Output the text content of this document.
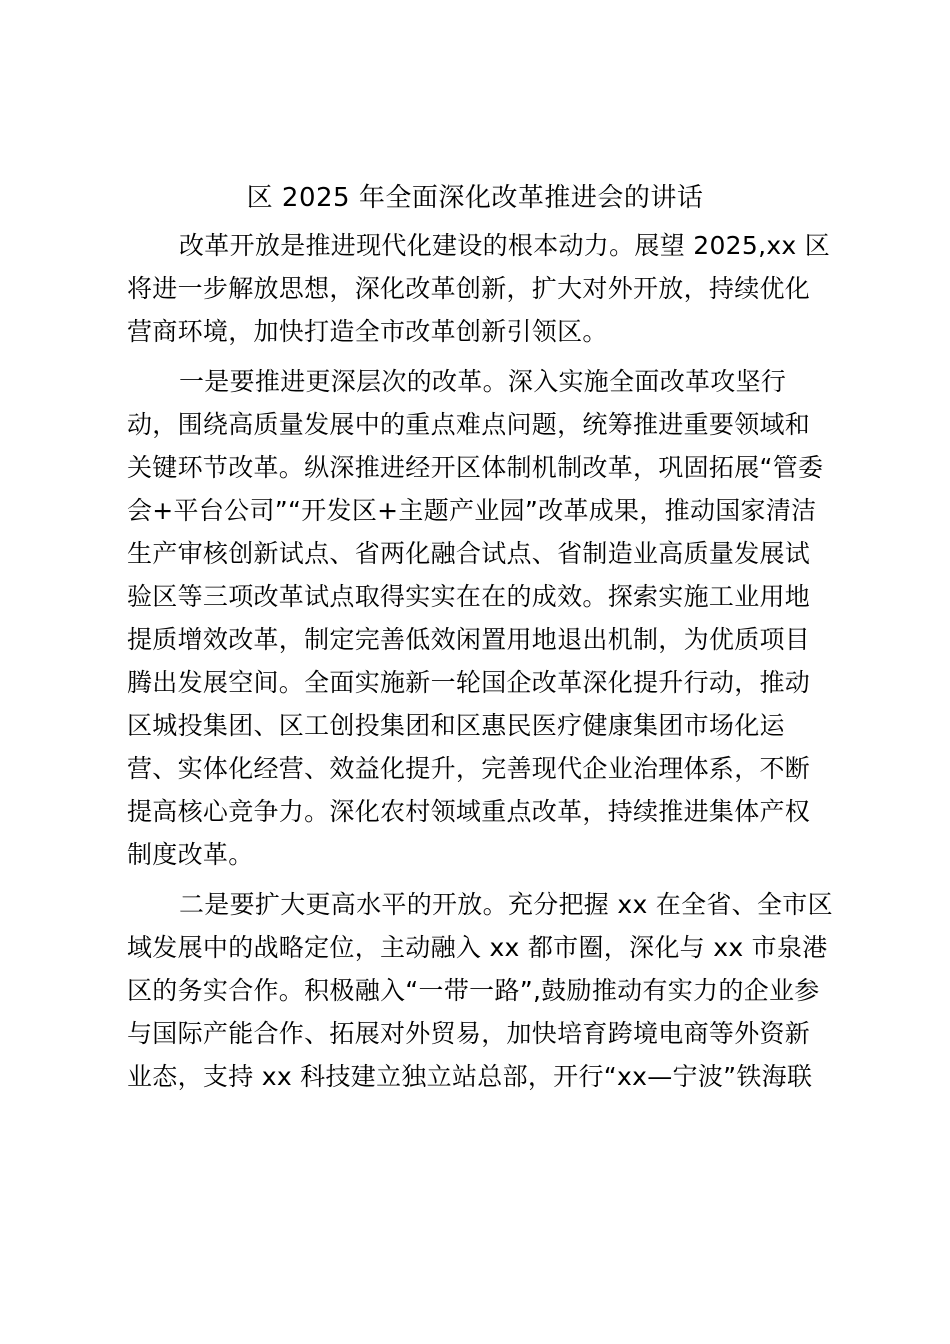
区 2025 年全面深化改革推进会的讲话
改革开放是推进现代化建设的根本动力。展望 2025,xx 区
将进一步解放思想，深化改革创新，扩大对外开放，持续优化
营商环境，加快打造全市改革创新引领区。
一是要推进更深层次的改革。深入实施全面改革攻坚行
动，围绕高质量发展中的重点难点问题，统筹推进重要领域和
关键环节改革。纵深推进经开区体制机制改革，巩固拓展“管委
会+平台公司”“开发区+主题产业园”改革成果，推动国家清洁
生产审核创新试点、省两化融合试点、省制造业高质量发展试
验区等三项改革试点取得实实在在的成效。探索实施工业用地
提质增效改革，制定完善低效闲置用地退出机制，为优质项目
腾出发展空间。全面实施新一轮国企改革深化提升行动，推动
区城投集团、区工创投集团和区惠民医疗健康集团市场化运
营、实体化经营、效益化提升，完善现代企业治理体系，不断
提高核心竞争力。深化农村领域重点改革，持续推进集体产权
制度改革。
二是要扩大更高水平的开放。充分把握 xx 在全省、全市区
域发展中的战略定位，主动融入 xx 都市圈，深化与 xx 市泉港
区的务实合作。积极融入“一带一路”,鼓励推动有实力的企业参
与国际产能合作、拓展对外贸易，加快培育跨境电商等外资新
业态，支持 xx 科技建立独立站总部，开行“xx—宁波”铁海联
